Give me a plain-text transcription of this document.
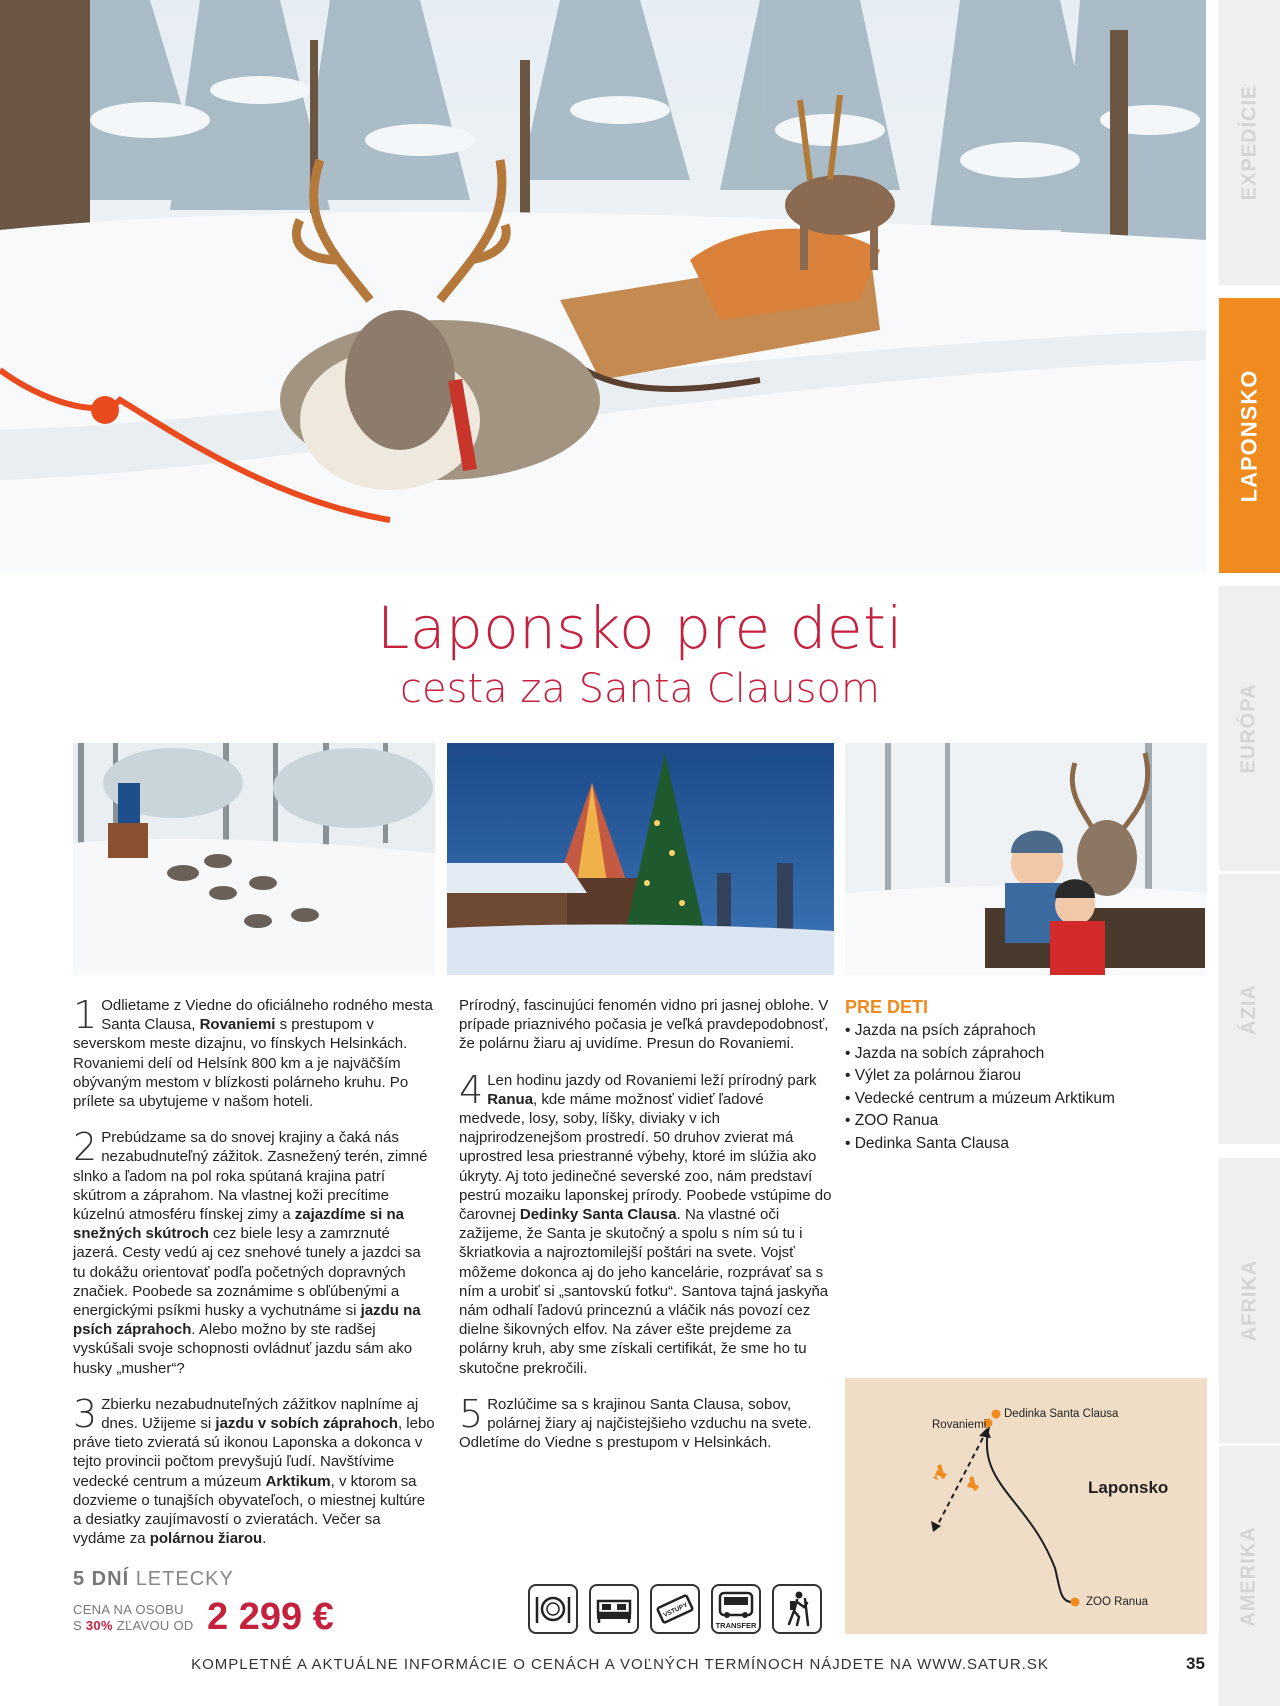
EXPEDÍCIE
LAPONSKO
EURÓPA
ÁZIA
AFRIKA
AMERIKA
Laponsko pre deti
cesta za Santa Clausom
1 Odlietame z Viedne do oficiálneho rodného mesta Santa Clausa, Rovaniemi s prestupom v severskom meste dizajnu, vo fínskych Helsinkách. Rovaniemi delí od Helsínk 800 km a je najväčším obývaným mestom v blízkosti polárneho kruhu. Po prílete sa ubytujeme v našom hoteli.
2 Prebúdzame sa do snovej krajiny a čaká nás nezabudnuteľný zážitok. Zasnežený terén, zimné slnko a ľadom na pol roka spútaná krajina patrí skútrom a záprahom. Na vlastnej koži precítime kúzelnú atmosféru fínskej zimy a zajazdíme si na snežných skútroch cez biele lesy a zamrznuté jazerá. Cesty vedú aj cez snehové tunely a jazdci sa tu dokážu orientovať podľa početných dopravných značiek. Poobede sa zoznámime s obľúbenými a energickými psíkmi husky a vychutnáme si jazdu na psích záprahoch. Alebo možno by ste radšej vyskúšali svoje schopnosti ovládnuť jazdu sám ako husky „musher“?
3 Zbierku nezabudnuteľných zážitkov naplníme aj dnes. Užijeme si jazdu v sobích záprahoch, lebo práve tieto zvieratá sú ikonou Laponska a dokonca v tejto provincii počtom prevyšujú ľudí. Navštívime vedecké centrum a múzeum Arktikum, v ktorom sa dozvieme o tunajších obyvateľoch, o miestnej kultúre a desiatky zaujímavostí o zvieratách. Večer sa vydáme za polárnou žiarou.
Prírodný, fascinujúci fenomén vidno pri jasnej oblohe. V prípade priaznivého počasia je veľká pravdepodobnosť, že polárnu žiaru aj uvidíme. Presun do Rovaniemi.
4 Len hodinu jazdy od Rovaniemi leží prírodný park Ranua, kde máme možnosť vidieť ľadové medvede, losy, soby, líšky, diviaky v ich najprirodzenejšom prostredí. 50 druhov zvierat má uprostred lesa priestranné výbehy, ktoré im slúžia ako úkryty. Aj toto jedinečné severské zoo, nám predstaví pestrú mozaiku laponskej prírody. Poobede vstúpime do čarovnej Dedinky Santa Clausa. Na vlastné oči zažijeme, že Santa je skutočný a spolu s ním sú tu i škriatkovia a najroztomilejší poštári na svete. Vojsť môžeme dokonca aj do jeho kancelárie, rozprávať sa s ním a urobiť si „santovskú fotku“. Santova tajná jaskyňa nám odhalí ľadovú princeznú a vláčik nás povozí cez dielne šikovných elfov. Na záver ešte prejdeme za polárny kruh, aby sme získali certifikát, že sme ho tu skutočne prekročili.
5 Rozlúčime sa s krajinou Santa Clausa, sobov, polárnej žiary aj najčistejšieho vzduchu na svete. Odletíme do Viedne s prestupom v Helsinkách.
PRE DETI
• Jazda na psích záprahoch
• Jazda na sobích záprahoch
• Výlet za polárnou žiarou
• Vedecké centrum a múzeum Arktikum
• ZOO Ranua
• Dedinka Santa Clausa
Rovaniemi
Dedinka Santa Clausa
ZOO Ranua
Laponsko
5 DNÍ LETECKY
CENA NA OSOBU
S 30% ZĽAVOU OD 2 299 €	VSTUPY
TRANSFER
KOMPLETNÉ A AKTUÁLNE INFORMÁCIE O CENÁCH A VOĽNÝCH TERMÍNOCH NÁJDETE NA WWW.SATUR.SK	35
